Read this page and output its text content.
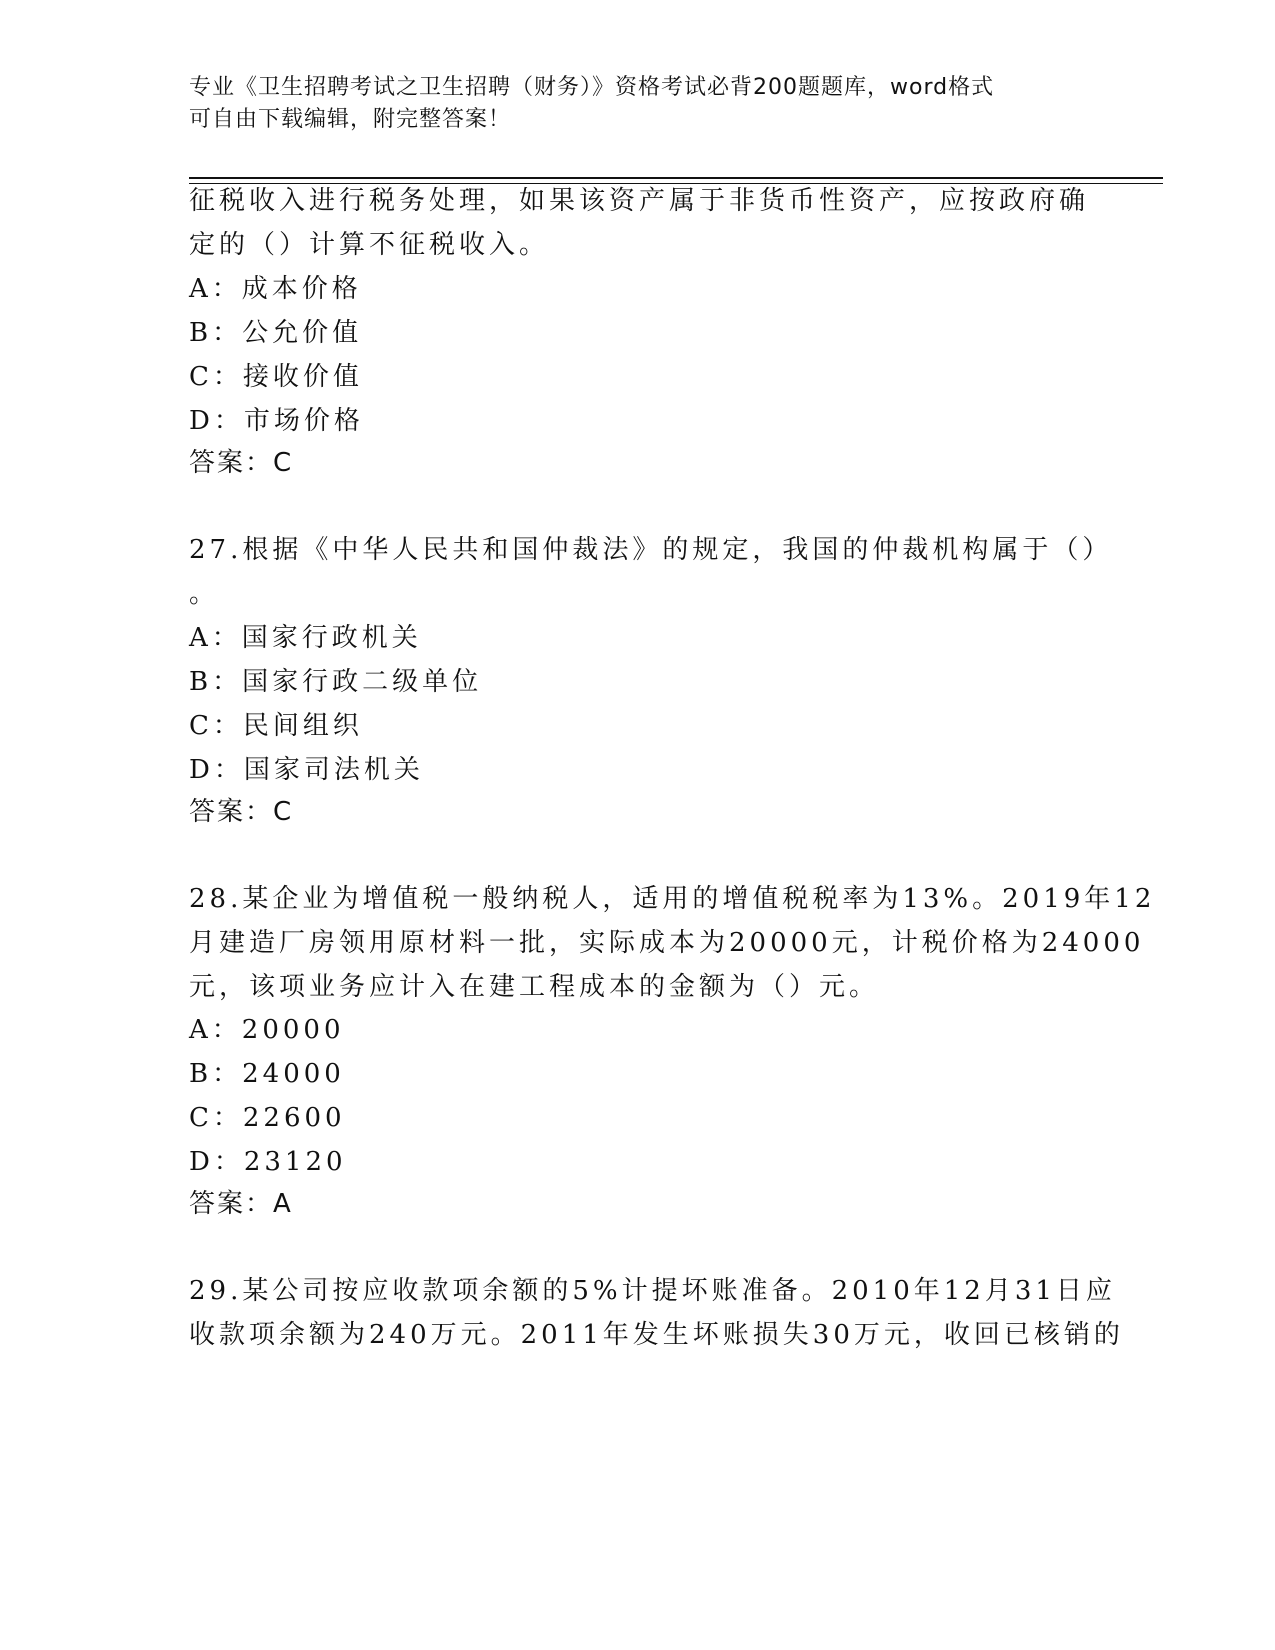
专业《卫生招聘考试之卫生招聘（财务）》资格考试必背200题题库，word格式
可自由下载编辑，附完整答案！
征税收入进行税务处理，如果该资产属于非货币性资产，应按政府确
定的（）计算不征税收入。
A：成本价格
B：公允价值
C：接收价值
D：市场价格
答案：C
27.根据《中华人民共和国仲裁法》的规定，我国的仲裁机构属于（）
。
A：国家行政机关
B：国家行政二级单位
C：民间组织
D：国家司法机关
答案：C
28.某企业为增值税一般纳税人，适用的增值税税率为13%。2019年12
月建造厂房领用原材料一批，实际成本为20000元，计税价格为24000
元，该项业务应计入在建工程成本的金额为（）元。
A：20000
B：24000
C：22600
D：23120
答案：A
29.某公司按应收款项余额的5%计提坏账准备。2010年12月31日应
收款项余额为240万元。2011年发生坏账损失30万元，收回已核销的
